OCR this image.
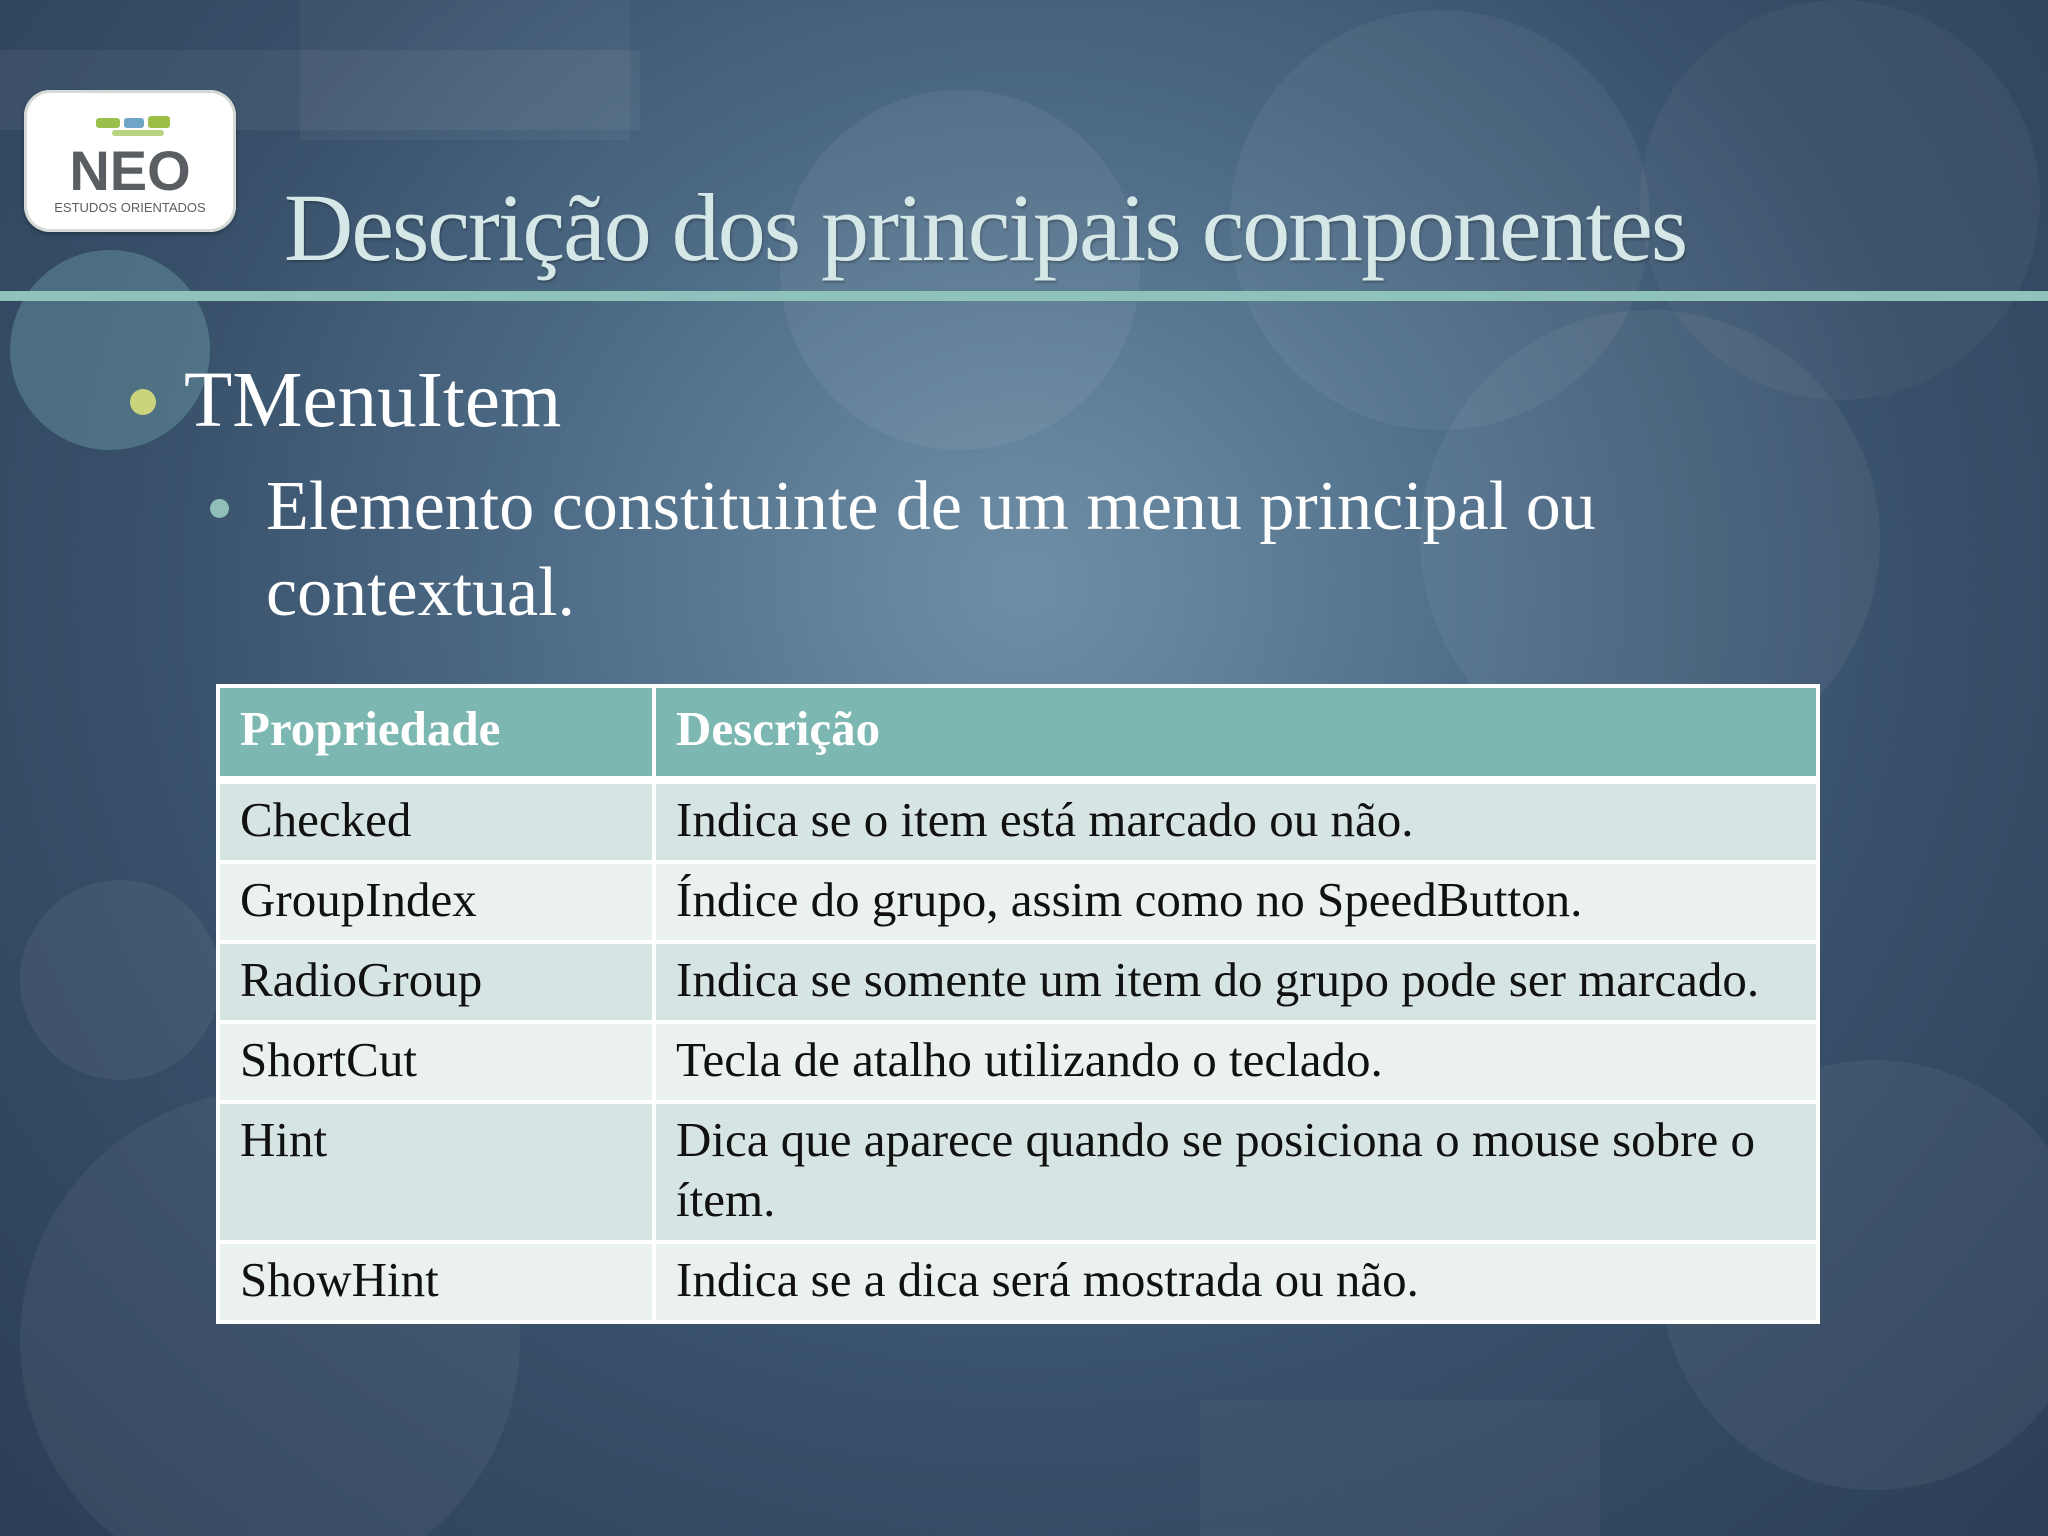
NEO
ESTUDOS ORIENTADOS Descrição dos principais componentes
TMenuItem
Elemento constituinte de um menu principal ou contextual.
Propriedade	Descrição
Checked	Indica se o item está marcado ou não.
GroupIndex	Índice do grupo, assim como no SpeedButton.
RadioGroup	Indica se somente um item do grupo pode ser marcado.
ShortCut	Tecla de atalho utilizando o teclado.
Hint	Dica que aparece quando se posiciona o mouse sobre o ítem.
ShowHint	Indica se a dica será mostrada ou não.
